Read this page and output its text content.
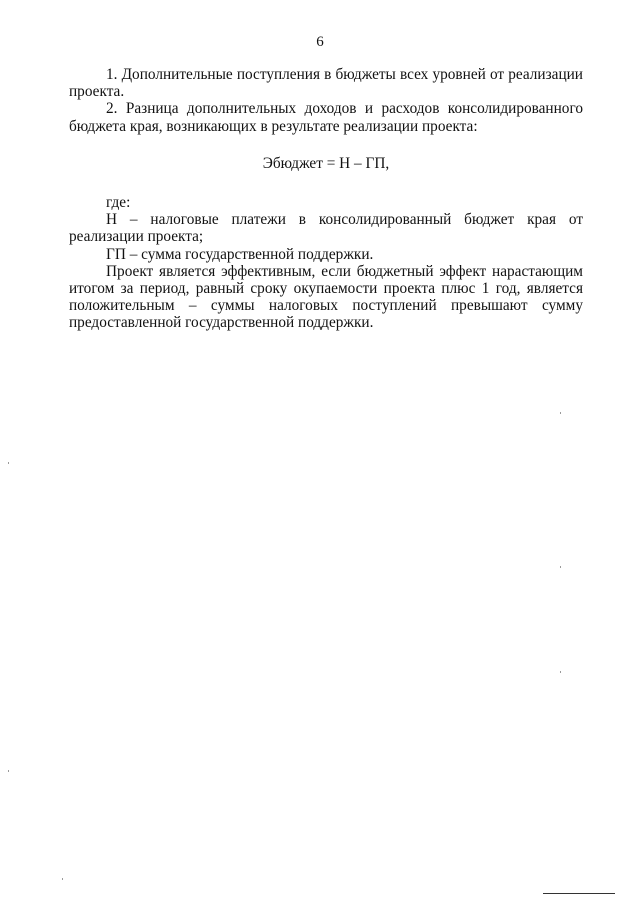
6

1. Дополнительные поступления в бюджеты всех уровней от реализации проекта.

2. Разница дополнительных доходов и расходов консолидированного бюджета края, возникающих в результате реализации проекта:

Эбюджет = Н – ГП,

где:

Н – налоговые платежи в консолидированный бюджет края от реализации проекта;

ГП – сумма государственной поддержки.

Проект является эффективным, если бюджетный эффект нарастающим итогом за период, равный сроку окупаемости проекта плюс 1 год, является положительным – суммы налоговых поступлений превышают сумму предоставленной государственной поддержки.
